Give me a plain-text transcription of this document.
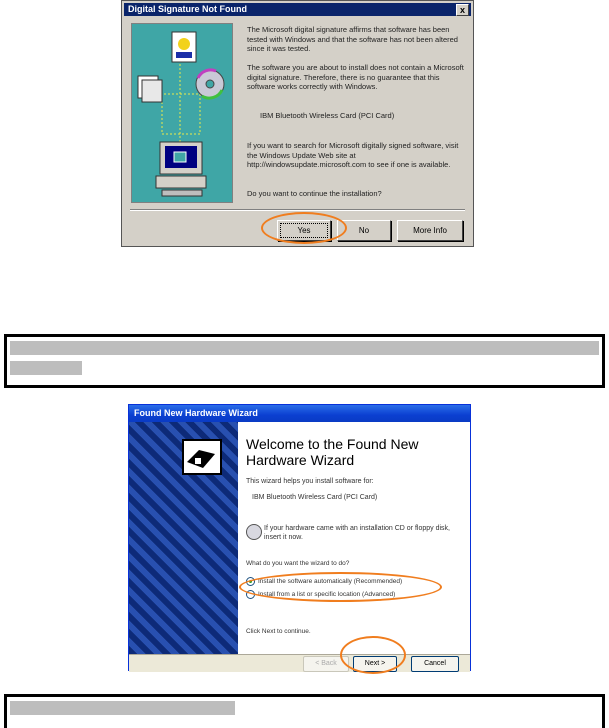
Digital Signature Not Found	x
The Microsoft digital signature affirms that software has been tested with Windows and that the software has not been altered since it was tested.
The software you are about to install does not contain a Microsoft digital signature. Therefore, there is no guarantee that this software works correctly with Windows.
IBM Bluetooth Wireless Card (PCI Card)
If you want to search for Microsoft digitally signed software, visit the Windows Update Web site at http://windowsupdate.microsoft.com to see if one is available.
Do you want to continue the installation?
Yes	No	More Info
Found New Hardware Wizard
Welcome to the Found New Hardware Wizard
This wizard helps you install software for:
IBM Bluetooth Wireless Card (PCI Card)
If your hardware came with an installation CD or floppy disk, insert it now.
What do you want the wizard to do?
Install the software automatically (Recommended)
Install from a list or specific location (Advanced)
Click Next to continue.
< Back	Next >	Cancel
